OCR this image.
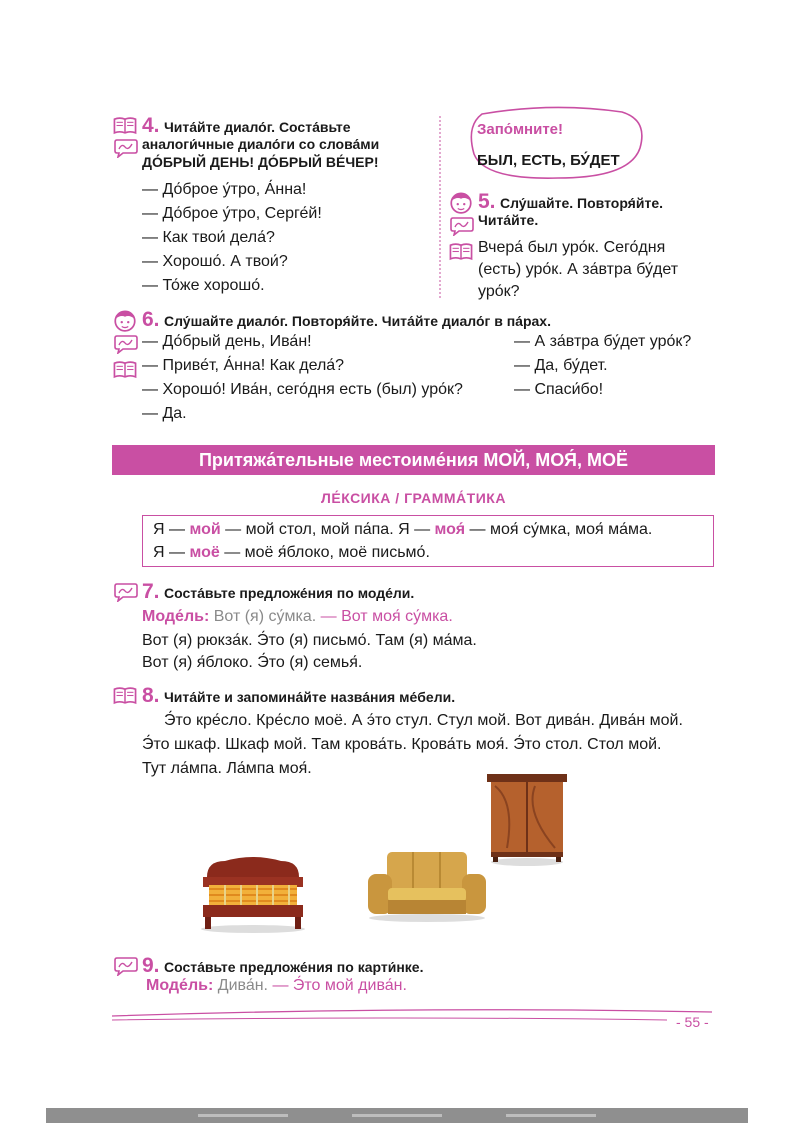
4. Чита́йте диало́г. Соста́вьте
аналоги́чные диало́ги со слова́ми
ДО́БРЫЙ ДЕНЬ! ДО́БРЫЙ ВЕ́ЧЕР!
— До́брое у́тро, А́нна!
— До́брое у́тро, Серге́й!
— Как твои́ дела́?
— Хорошо́. А твои́?
— То́же хорошо́.
Запо́мните!
БЫЛ, ЕСТЬ, БУ́ДЕТ
5. Слу́шайте. Повторя́йте.
Чита́йте.
Вчера́ был уро́к. Сего́дня
(есть) уро́к. А за́втра бу́дет
уро́к?
6. Слу́шайте диало́г. Повторя́йте. Чита́йте диало́г в па́рах.
— До́брый день, Ива́н!
— Приве́т, А́нна! Как дела́?
— Хорошо́! Ива́н, сего́дня есть (был) уро́к?
— Да.
— А за́втра бу́дет уро́к?
— Да, бу́дет.
— Спаси́бо!
Притяжа́тельные местоиме́ния МОЙ, МОЯ́, МОЁ
ЛЕ́КСИКА / ГРАММА́ТИКА
Я — мой — мой стол, мой па́па. Я — моя́ — моя́ су́мка, моя́ ма́ма.
Я — моё — моё я́блоко, моё письмо́.
7. Соста́вьте предложе́ния по моде́ли.
Моде́ль: Вот (я) су́мка. — Вот моя́ су́мка.
Вот (я) рюкза́к. Э́то (я) письмо́. Там (я) ма́ма.
Вот (я) я́блоко. Э́то (я) семья́.
8. Чита́йте и запомина́йте назва́ния ме́бели.
Э́то кре́сло. Кре́сло моё. А э́то стул. Стул мой. Вот дива́н. Дива́н мой.
Э́то шкаф. Шкаф мой. Там крова́ть. Крова́ть моя́. Э́то стол. Стол мой.
Тут ла́мпа. Ла́мпа моя́.
9. Соста́вьте предложе́ния по карти́нке.
Моде́ль: Дива́н. — Э́то мой дива́н.
- 55 -
